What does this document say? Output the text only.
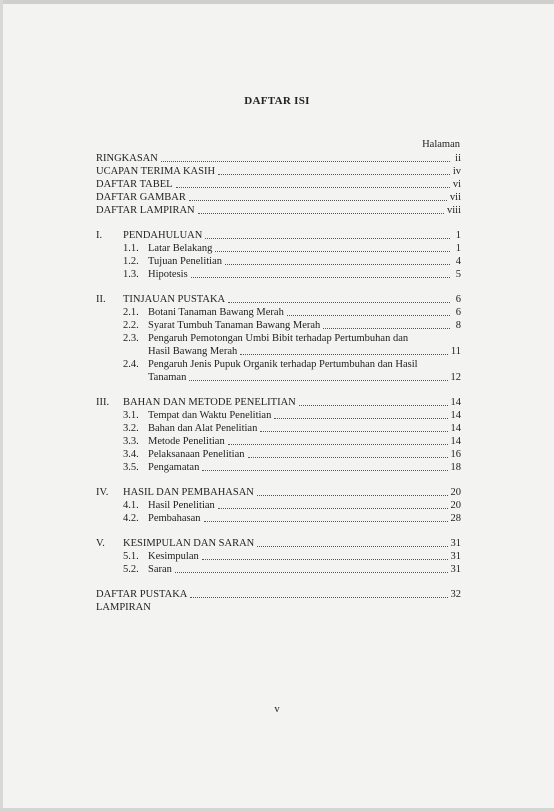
DAFTAR ISI
Halaman
RINGKASAN	ii
UCAPAN TERIMA KASIH	iv
DAFTAR TABEL	vi
DAFTAR GAMBAR	vii
DAFTAR LAMPIRAN	viii
I. PENDAHULUAN	1
1.1. Latar Belakang	1
1.2. Tujuan Penelitian	4
1.3. Hipotesis	5
II. TINJAUAN PUSTAKA	6
2.1. Botani Tanaman Bawang Merah	6
2.2. Syarat Tumbuh Tanaman Bawang Merah	8
2.3. Pengaruh Pemotongan Umbi Bibit terhadap Pertumbuhan dan
Hasil Bawang Merah	11
2.4. Pengaruh Jenis Pupuk Organik terhadap Pertumbuhan dan Hasil
Tanaman	12
III. BAHAN DAN METODE PENELITIAN	14
3.1. Tempat dan Waktu Penelitian	14
3.2. Bahan dan Alat Penelitian	14
3.3. Metode Penelitian	14
3.4. Pelaksanaan Penelitian	16
3.5. Pengamatan	18
IV. HASIL DAN PEMBAHASAN	20
4.1. Hasil Penelitian	20
4.2. Pembahasan	28
V. KESIMPULAN DAN SARAN	31
5.1. Kesimpulan	31
5.2. Saran	31
DAFTAR PUSTAKA	32
LAMPIRAN
v
